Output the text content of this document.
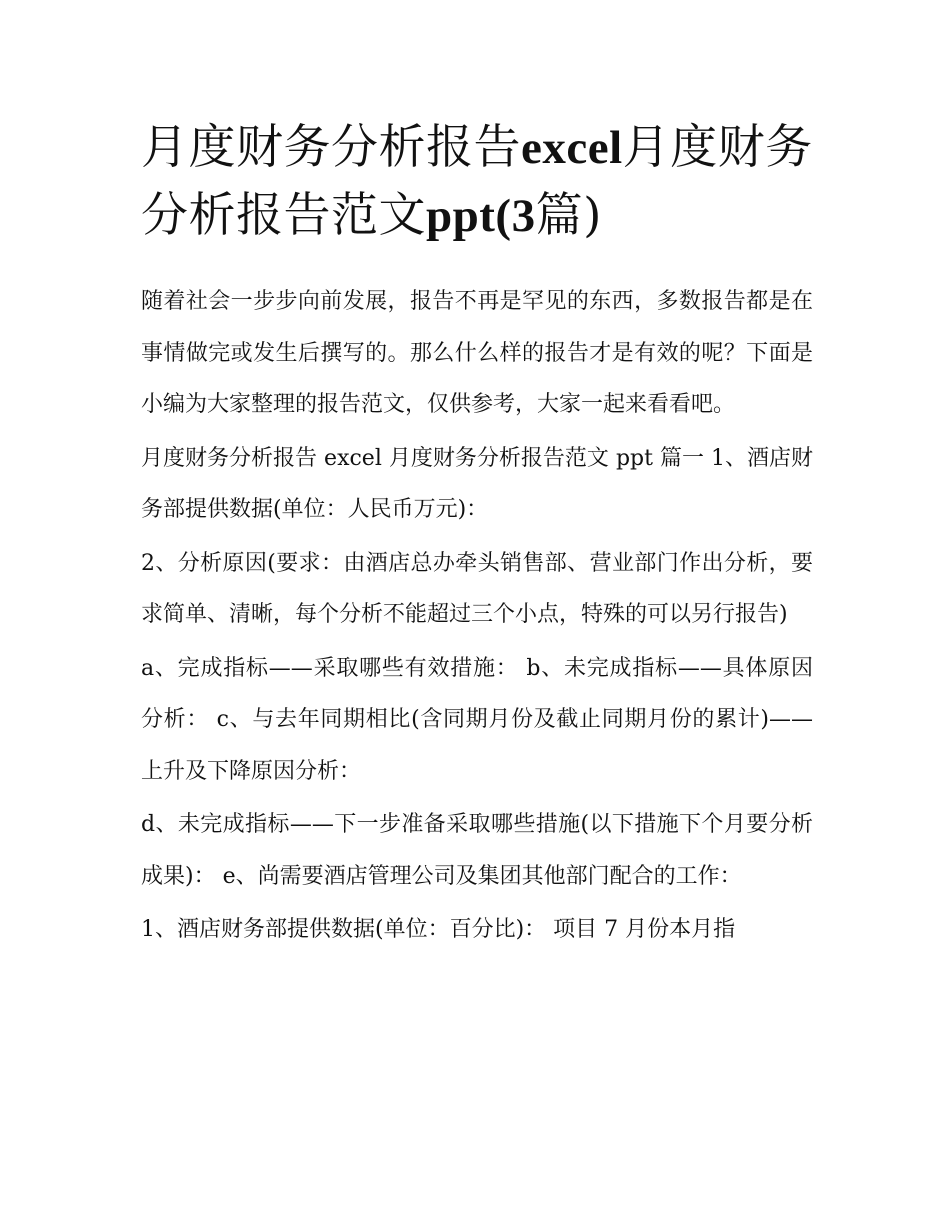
月度财务分析报告excel月度财务分析报告范文ppt(3篇)

随着社会一步步向前发展，报告不再是罕见的东西，多数报告都是在事情做完或发生后撰写的。那么什么样的报告才是有效的呢？下面是小编为大家整理的报告范文，仅供参考，大家一起来看看吧。

月度财务分析报告 excel 月度财务分析报告范文 ppt 篇一 1、酒店财务部提供数据(单位：人民币万元)：

2、分析原因(要求：由酒店总办牵头销售部、营业部门作出分析，要求简单、清晰，每个分析不能超过三个小点，特殊的可以另行报告)

a、完成指标——采取哪些有效措施： b、未完成指标——具体原因分析： c、与去年同期相比(含同期月份及截止同期月份的累计)——上升及下降原因分析：

d、未完成指标——下一步准备采取哪些措施(以下措施下个月要分析成果)： e、尚需要酒店管理公司及集团其他部门配合的工作：

1、酒店财务部提供数据(单位：百分比)： 项目 7 月份本月指
